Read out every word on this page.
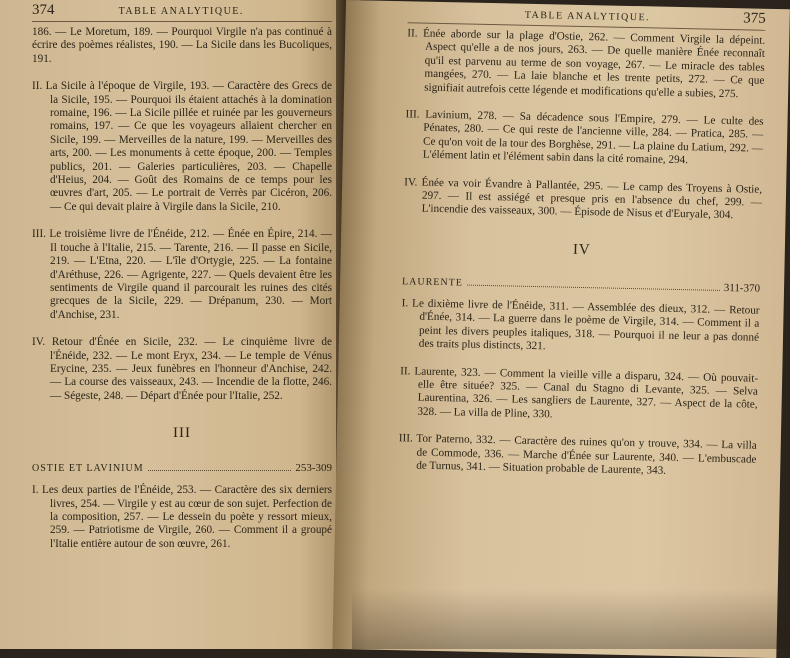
374	TABLE ANALYTIQUE.

186. — Le Moretum, 189. — Pourquoi Virgile n'a pas continué à écrire des poèmes réalistes, 190. — La Sicile dans les Bucoliques, 191.

II. La Sicile à l'époque de Virgile, 193. — Caractère des Grecs de la Sicile, 195. — Pourquoi ils étaient attachés à la domination romaine, 196. — La Sicile pillée et ruinée par les gouverneurs romains, 197. — Ce que les voyageurs allaient chercher en Sicile, 199. — Merveilles de la nature, 199. — Merveilles des arts, 200. — Les monuments à cette époque, 200. — Temples publics, 201. — Galeries particulières, 203. — Chapelle d'Heius, 204. — Goût des Romains de ce temps pour les œuvres d'art, 205. — Le portrait de Verrès par Cicéron, 206. — Ce qui devait plaire à Virgile dans la Sicile, 210.

III. Le troisième livre de l'Énéide, 212. — Énée en Épire, 214. — Il touche à l'Italie, 215. — Tarente, 216. — Il passe en Sicile, 219. — L'Etna, 220. — L'île d'Ortygie, 225. — La fontaine d'Aréthuse, 226. — Agrigente, 227. — Quels devaient être les sentiments de Virgile quand il parcourait les ruines des cités grecques de la Sicile, 229. — Drépanum, 230. — Mort d'Anchise, 231.

IV. Retour d'Énée en Sicile, 232. — Le cinquième livre de l'Énéide, 232. — Le mont Eryx, 234. — Le temple de Vénus Erycine, 235. — Jeux funèbres en l'honneur d'Anchise, 242. — La course des vaisseaux, 243. — Incendie de la flotte, 246. — Ségeste, 248. — Départ d'Énée pour l'Italie, 252.

III
OSTIE ET LAVINIUM	253-309

I. Les deux parties de l'Énéide, 253. — Caractère des six derniers livres, 254. — Virgile y est au cœur de son sujet. Perfection de la composition, 257. — Le dessein du poète y ressort mieux, 259. — Patriotisme de Virgile, 260. — Comment il a groupé l'Italie entière autour de son œuvre, 261.

TABLE ANALYTIQUE.	375

II. Énée aborde sur la plage d'Ostie, 262. — Comment Virgile la dépeint. Aspect qu'elle a de nos jours, 263. — De quelle manière Énée reconnaît qu'il est parvenu au terme de son voyage, 267. — Le miracle des tables mangées, 270. — La laie blanche et les trente petits, 272. — Ce que signifiait autrefois cette légende et modifications qu'elle a subies, 275.

III. Lavinium, 278. — Sa décadence sous l'Empire, 279. — Le culte des Pénates, 280. — Ce qui reste de l'ancienne ville, 284. — Pratica, 285. — Ce qu'on voit de la tour des Borghèse, 291. — La plaine du Latium, 292. — L'élément latin et l'élément sabin dans la cité romaine, 294.

IV. Énée va voir Évandre à Pallantée, 295. — Le camp des Troyens à Ostie, 297. — Il est assiégé et presque pris en l'absence du chef, 299. — L'incendie des vaisseaux, 300. — Épisode de Nisus et d'Euryale, 304.

IV
LAURENTE	311-370

I. Le dixième livre de l'Énéide, 311. — Assemblée des dieux, 312. — Retour d'Énée, 314. — La guerre dans le poème de Virgile, 314. — Comment il a peint les divers peuples italiques, 318. — Pourquoi il ne leur a pas donné des traits plus distincts, 321.

II. Laurente, 323. — Comment la vieille ville a disparu, 324. — Où pouvait-elle être située? 325. — Canal du Stagno di Levante, 325. — Selva Laurentina, 326. — Les sangliers de Laurente, 327. — Aspect de la côte, 328. — La villa de Pline, 330.

III. Tor Paterno, 332. — Caractère des ruines qu'on y trouve, 334. — La villa de Commode, 336. — Marche d'Énée sur Laurente, 340. — L'embuscade de Turnus, 341. — Situation probable de Laurente, 343.
